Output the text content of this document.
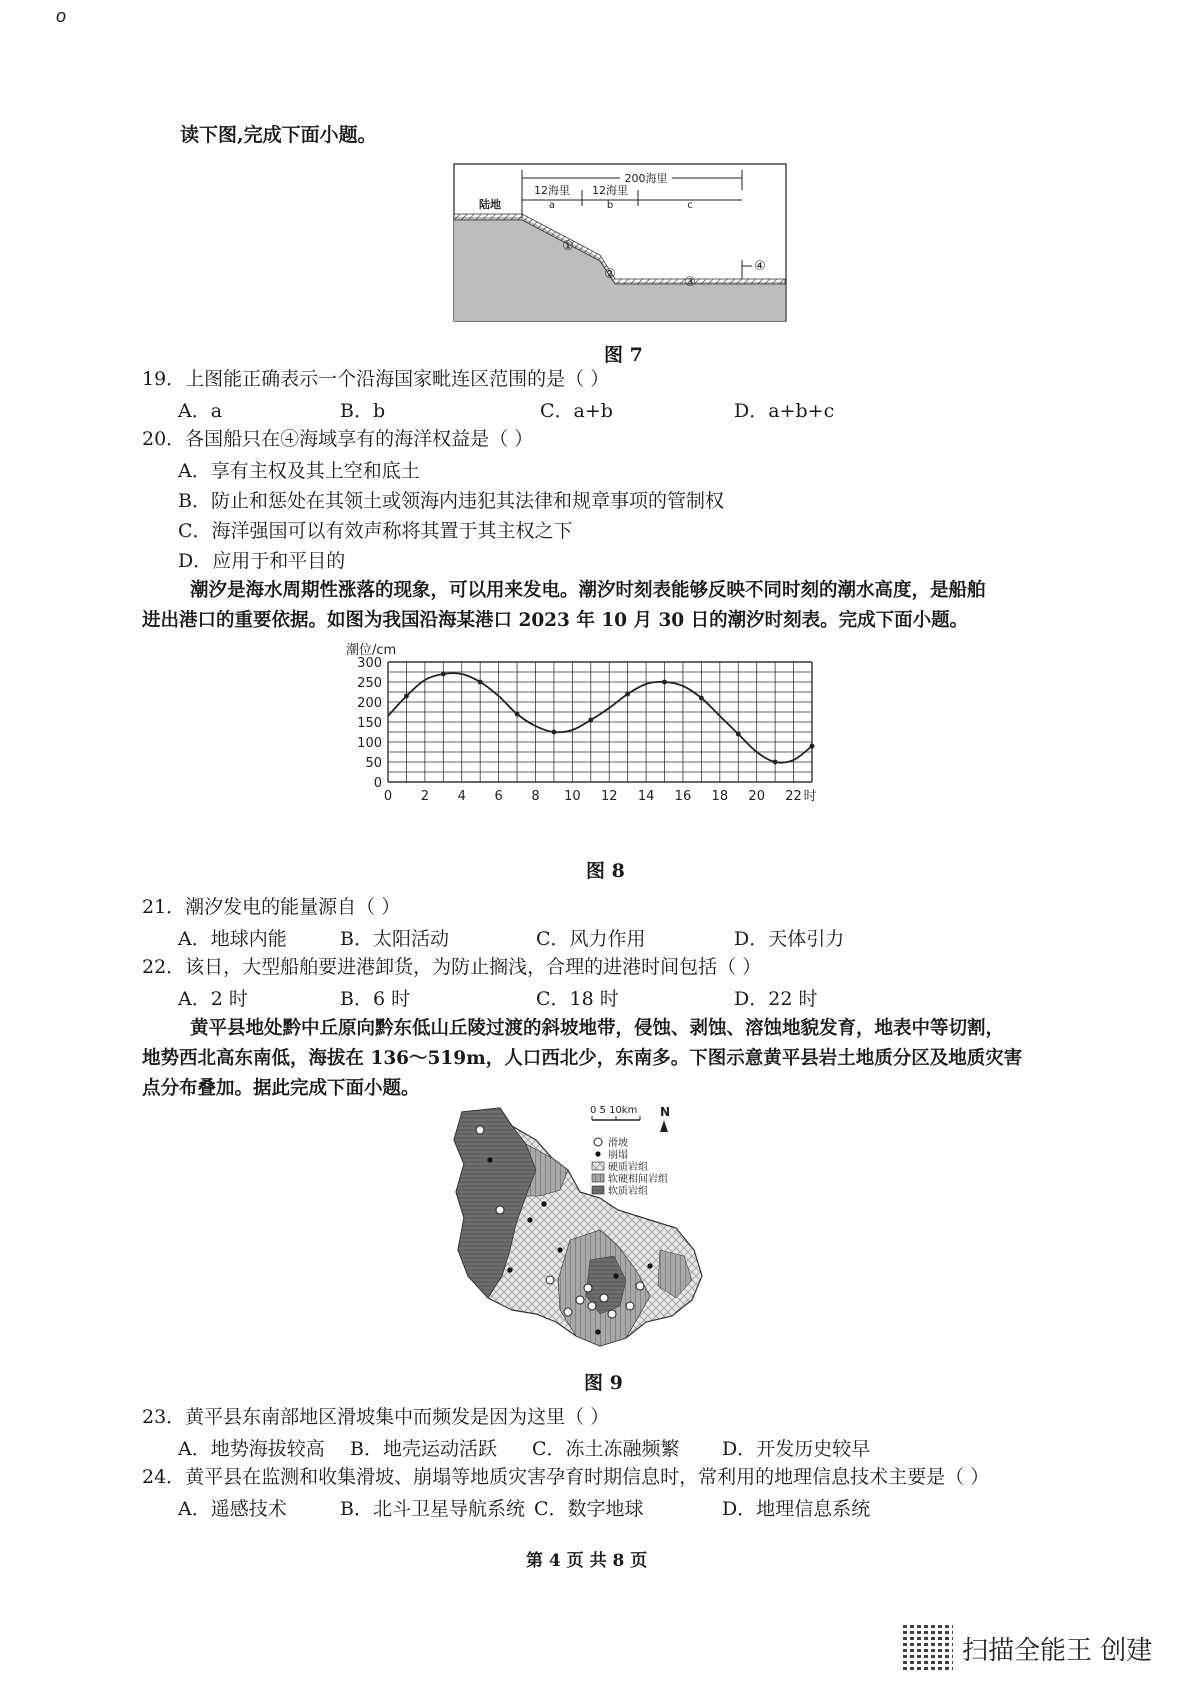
o
读下图,完成下面小题。
200海里
12海里 12海里
a	b	c
陆地
①
②
③
④
图 7
19．上图能正确表示一个沿海国家毗连区范围的是（ ）
A．a	B．b	C．a+b	D．a+b+c
20．各国船只在④海域享有的海洋权益是（ ）
A．享有主权及其上空和底土
B．防止和惩处在其领土或领海内违犯其法律和规章事项的管制权
C．海洋强国可以有效声称将其置于其主权之下
D．应用于和平目的
潮汐是海水周期性涨落的现象，可以用来发电。潮汐时刻表能够反映不同时刻的潮水高度，是船舶
进出港口的重要依据。如图为我国沿海某港口 2023 年 10 月 30 日的潮汐时刻表。完成下面小题。
潮位/cm
0
50
100
150
200
250
300
0 2 4 6 8 10 12 14 16 18 20 22 时
图 8
21．潮汐发电的能量源自（ ）
A．地球内能	B．太阳活动	C．风力作用	D．天体引力
22．该日，大型船舶要进港卸货，为防止搁浅，合理的进港时间包括（ ）
A．2 时	B．6 时	C．18 时	D．22 时
黄平县地处黔中丘原向黔东低山丘陵过渡的斜坡地带，侵蚀、剥蚀、溶蚀地貌发育，地表中等切割，
地势西北高东南低，海拔在 136～519m，人口西北少，东南多。下图示意黄平县岩土地质分区及地质灾害
点分布叠加。据此完成下面小题。
0 5 10km N
滑坡
崩塌
硬质岩组
软硬相间岩组
软质岩组
图 9
23．黄平县东南部地区滑坡集中而频发是因为这里（ ）
A．地势海拔较高 B．地壳运动活跃 C．冻土冻融频繁 D．开发历史较早
24．黄平县在监测和收集滑坡、崩塌等地质灾害孕育时期信息时，常利用的地理信息技术主要是（ ）
A．遥感技术	B．北斗卫星导航系统 C．数字地球	D．地理信息系统
第 4 页 共 8 页
扫描全能王 创建
